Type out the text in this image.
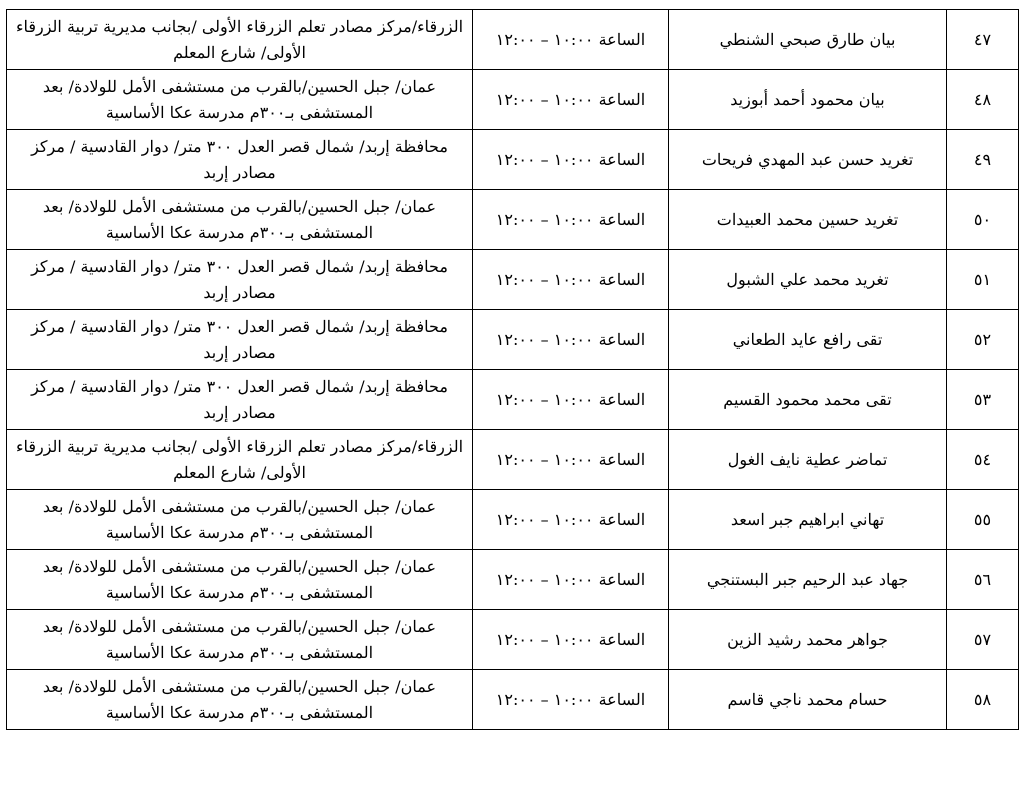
٤٧	بيان طارق صبحي الشنطي	الساعة ١٠:٠٠ – ١٢:٠٠	الزرقاء/مركز مصادر تعلم الزرقاء الأولى /بجانب مديرية تربية الزرقاء الأولى/ شارع المعلم
٤٨	بيان محمود أحمد أبوزيد	الساعة ١٠:٠٠ – ١٢:٠٠	عمان/ جبل الحسين/بالقرب من مستشفى الأمل للولادة/ بعد المستشفى بـ٣٠٠م مدرسة عكا الأساسية
٤٩	تغريد حسن عبد المهدي فريحات	الساعة ١٠:٠٠ – ١٢:٠٠	محافظة إربد/ شمال قصر العدل ٣٠٠ متر/ دوار القادسية / مركز مصادر إربد
٥٠	تغريد حسين محمد العبيدات	الساعة ١٠:٠٠ – ١٢:٠٠	عمان/ جبل الحسين/بالقرب من مستشفى الأمل للولادة/ بعد المستشفى بـ٣٠٠م مدرسة عكا الأساسية
٥١	تغريد محمد علي الشبول	الساعة ١٠:٠٠ – ١٢:٠٠	محافظة إربد/ شمال قصر العدل ٣٠٠ متر/ دوار القادسية / مركز مصادر إربد
٥٢	تقى رافع عايد الطعاني	الساعة ١٠:٠٠ – ١٢:٠٠	محافظة إربد/ شمال قصر العدل ٣٠٠ متر/ دوار القادسية / مركز مصادر إربد
٥٣	تقى محمد محمود القسيم	الساعة ١٠:٠٠ – ١٢:٠٠	محافظة إربد/ شمال قصر العدل ٣٠٠ متر/ دوار القادسية / مركز مصادر إربد
٥٤	تماضر عطية نايف الغول	الساعة ١٠:٠٠ – ١٢:٠٠	الزرقاء/مركز مصادر تعلم الزرقاء الأولى /بجانب مديرية تربية الزرقاء الأولى/ شارع المعلم
٥٥	تهاني ابراهيم جبر اسعد	الساعة ١٠:٠٠ – ١٢:٠٠	عمان/ جبل الحسين/بالقرب من مستشفى الأمل للولادة/ بعد المستشفى بـ٣٠٠م مدرسة عكا الأساسية
٥٦	جهاد عبد الرحيم جبر البستنجي	الساعة ١٠:٠٠ – ١٢:٠٠	عمان/ جبل الحسين/بالقرب من مستشفى الأمل للولادة/ بعد المستشفى بـ٣٠٠م مدرسة عكا الأساسية
٥٧	جواهر محمد رشيد الزين	الساعة ١٠:٠٠ – ١٢:٠٠	عمان/ جبل الحسين/بالقرب من مستشفى الأمل للولادة/ بعد المستشفى بـ٣٠٠م مدرسة عكا الأساسية
٥٨	حسام محمد ناجي قاسم	الساعة ١٠:٠٠ – ١٢:٠٠	عمان/ جبل الحسين/بالقرب من مستشفى الأمل للولادة/ بعد المستشفى بـ٣٠٠م مدرسة عكا الأساسية
